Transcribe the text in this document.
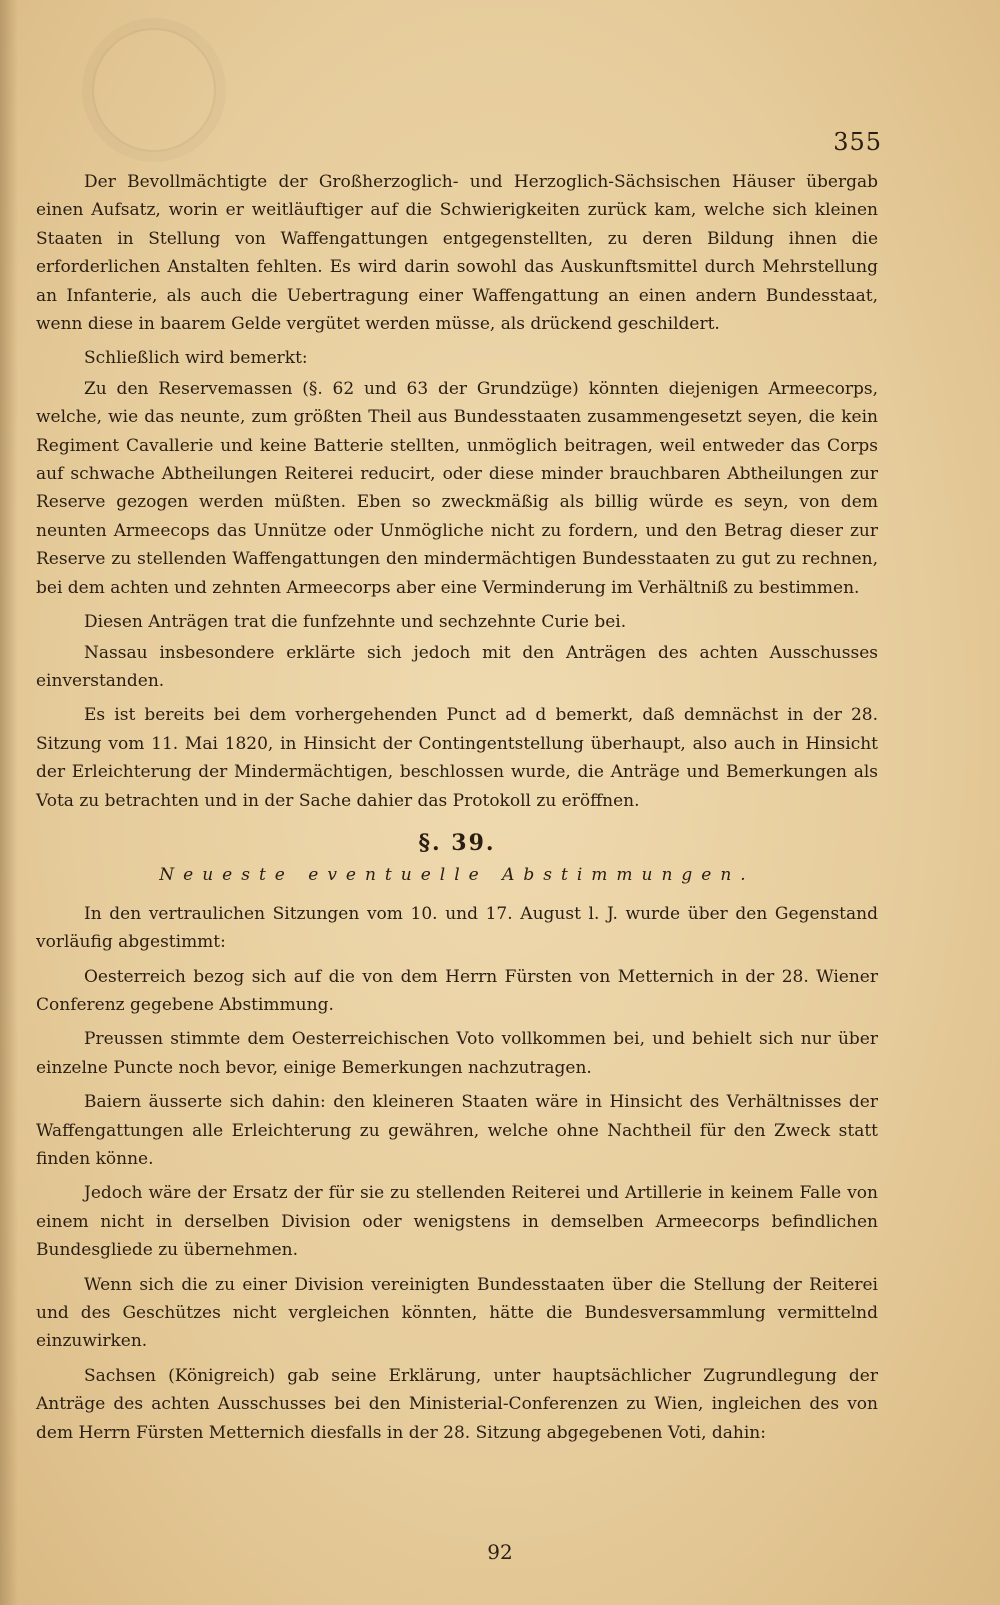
355

Der Bevollmächtigte der Großherzoglich- und Herzoglich-Sächsischen Häuser übergab einen Aufsatz, worin er weitläuftiger auf die Schwierigkeiten zurück kam, welche sich kleinen Staaten in Stellung von Waffengattungen entgegenstellten, zu deren Bildung ihnen die erforderlichen Anstalten fehlten. Es wird darin sowohl das Auskunftsmittel durch Mehrstellung an Infanterie, als auch die Uebertragung einer Waffengattung an einen andern Bundesstaat, wenn diese in baarem Gelde vergütet werden müsse, als drückend geschildert.

Schließlich wird bemerkt:

Zu den Reservemassen (§. 62 und 63 der Grundzüge) könnten diejenigen Armeecorps, welche, wie das neunte, zum größten Theil aus Bundesstaaten zusammengesetzt seyen, die kein Regiment Cavallerie und keine Batterie stellten, unmöglich beitragen, weil entweder das Corps auf schwache Abtheilungen Reiterei reducirt, oder diese minder brauchbaren Abtheilungen zur Reserve gezogen werden müßten. Eben so zweckmäßig als billig würde es seyn, von dem neunten Armeecops das Unnütze oder Unmögliche nicht zu fordern, und den Betrag dieser zur Reserve zu stellenden Waffengattungen den mindermächtigen Bundesstaaten zu gut zu rechnen, bei dem achten und zehnten Armeecorps aber eine Verminderung im Verhältniß zu bestimmen.

Diesen Anträgen trat die funfzehnte und sechzehnte Curie bei.

Nassau insbesondere erklärte sich jedoch mit den Anträgen des achten Ausschusses einverstanden.

Es ist bereits bei dem vorhergehenden Punct ad d bemerkt, daß demnächst in der 28. Sitzung vom 11. Mai 1820, in Hinsicht der Contingentstellung überhaupt, also auch in Hinsicht der Erleichterung der Mindermächtigen, beschlossen wurde, die Anträge und Bemerkungen als Vota zu betrachten und in der Sache dahier das Protokoll zu eröffnen.

§. 39.
Neueste eventuelle Abstimmungen.

In den vertraulichen Sitzungen vom 10. und 17. August l. J. wurde über den Gegenstand vorläufig abgestimmt:

Oesterreich bezog sich auf die von dem Herrn Fürsten von Metternich in der 28. Wiener Conferenz gegebene Abstimmung.

Preussen stimmte dem Oesterreichischen Voto vollkommen bei, und behielt sich nur über einzelne Puncte noch bevor, einige Bemerkungen nachzutragen.

Baiern äusserte sich dahin: den kleineren Staaten wäre in Hinsicht des Verhältnisses der Waffengattungen alle Erleichterung zu gewähren, welche ohne Nachtheil für den Zweck statt finden könne.

Jedoch wäre der Ersatz der für sie zu stellenden Reiterei und Artillerie in keinem Falle von einem nicht in derselben Division oder wenigstens in demselben Armeecorps befindlichen Bundesgliede zu übernehmen.

Wenn sich die zu einer Division vereinigten Bundesstaaten über die Stellung der Reiterei und des Geschützes nicht vergleichen könnten, hätte die Bundesversammlung vermittelnd einzuwirken.

Sachsen (Königreich) gab seine Erklärung, unter hauptsächlicher Zugrundlegung der Anträge des achten Ausschusses bei den Ministerial-Conferenzen zu Wien, ingleichen des von dem Herrn Fürsten Metternich diesfalls in der 28. Sitzung abgegebenen Voti, dahin:

92
